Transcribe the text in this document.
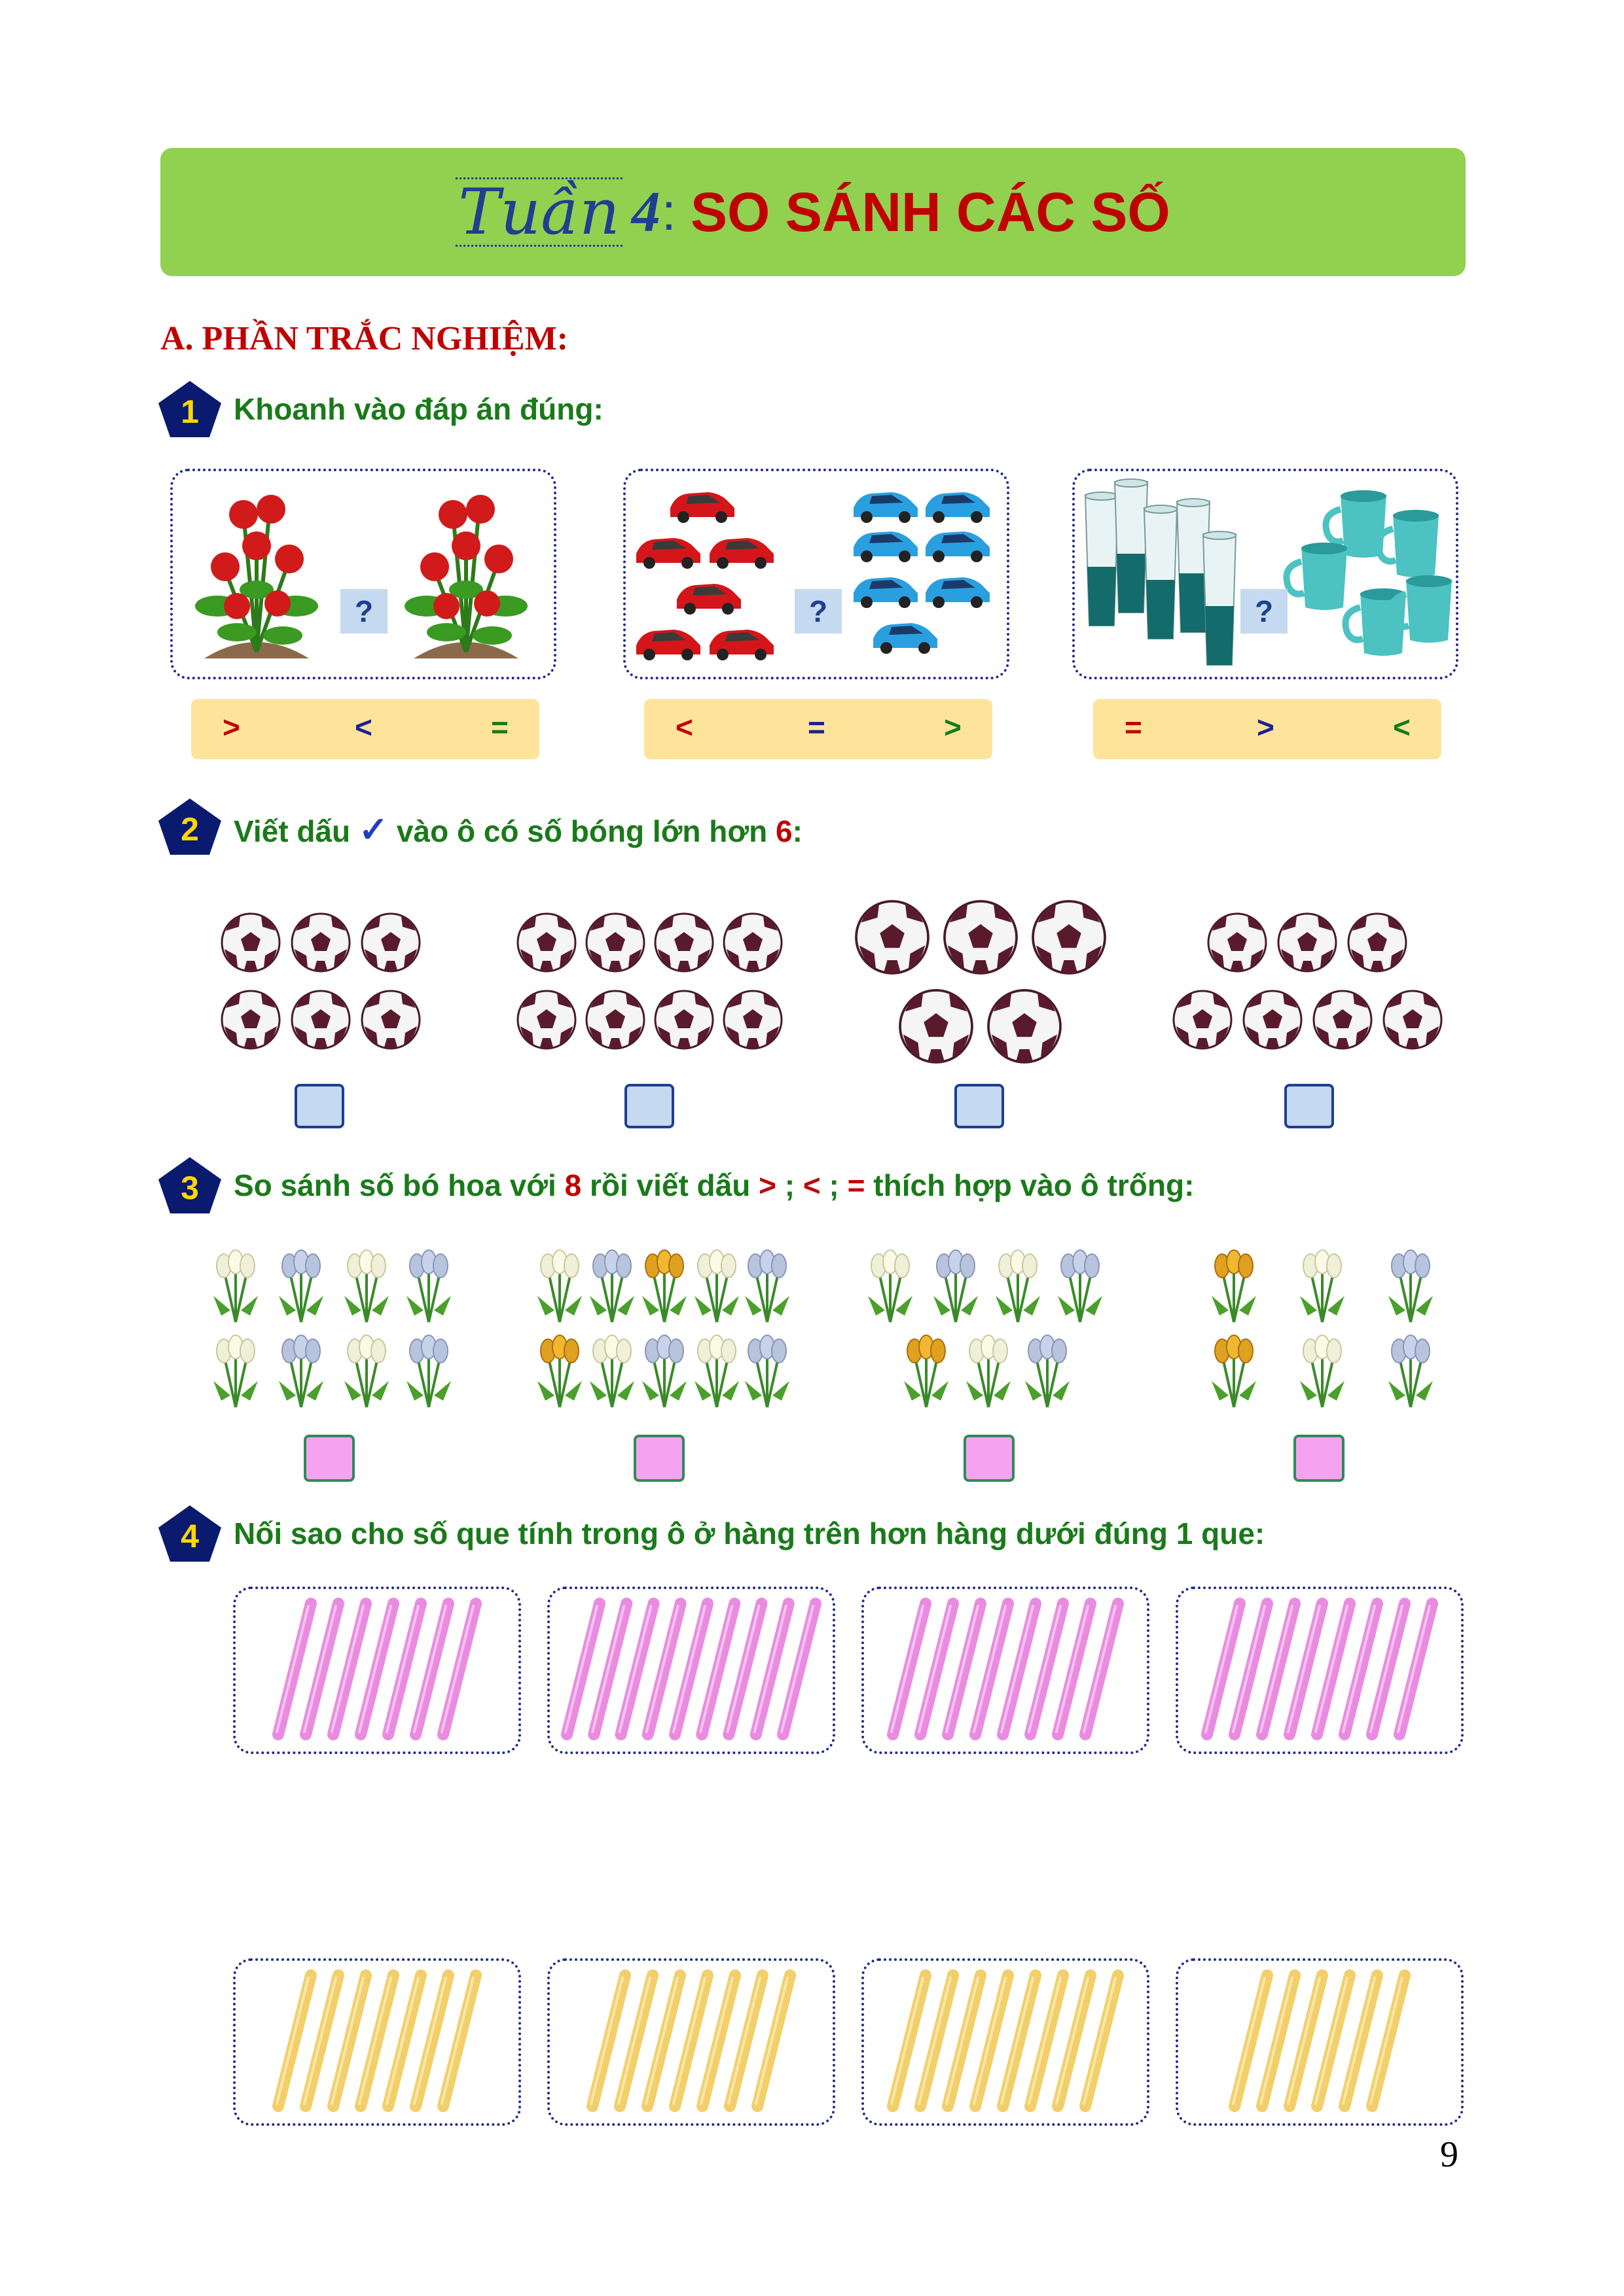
Tuần 4 : SO SÁNH CÁC SỐ
A. PHẦN TRẮC NGHIỆM:
1 Khoanh vào đáp án đúng:
?	?	?
>	<	=	<	=	>	=	>	<
2 Viết dấu ✓ vào ô có số bóng lớn hơn 6:
3 So sánh số bó hoa với 8 rồi viết dấu > ; < ; = thích hợp vào ô trống:
4 Nối sao cho số que tính trong ô ở hàng trên hơn hàng dưới đúng 1 que:
9
